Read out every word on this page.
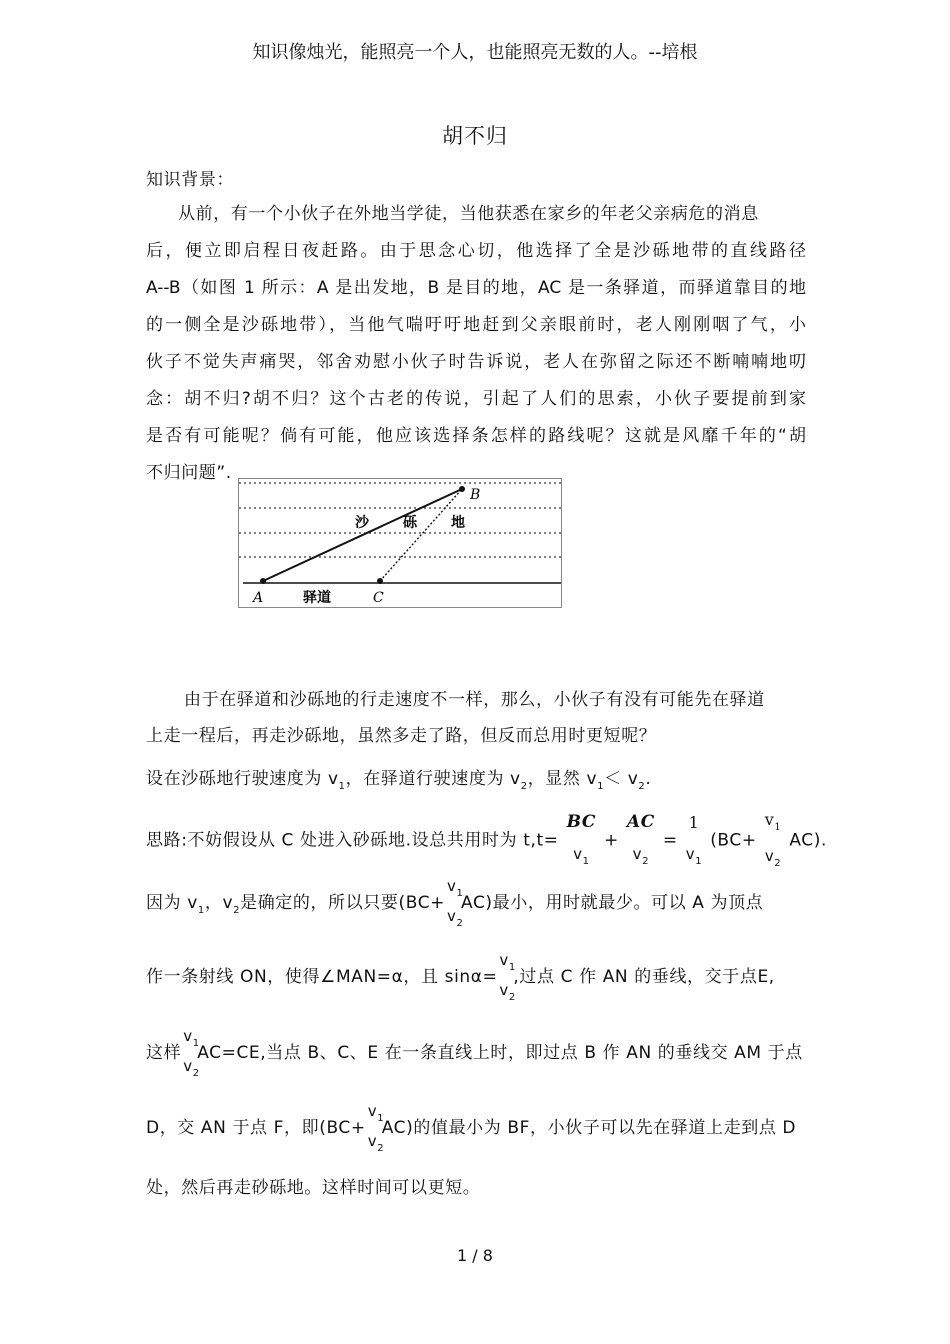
知识像烛光，能照亮一个人，也能照亮无数的人。--培根
胡不归
知识背景：
从前，有一个小伙子在外地当学徒，当他获悉在家乡的年老父亲病危的消息
后，便立即启程日夜赶路。由于思念心切，他选择了全是沙砾地带的直线路径
A--B（如图 1 所示：A 是出发地，B 是目的地，AC 是一条驿道，而驿道靠目的地
的一侧全是沙砾地带），当他气喘吁吁地赶到父亲眼前时，老人刚刚咽了气，小
伙子不觉失声痛哭，邻舍劝慰小伙子时告诉说，老人在弥留之际还不断喃喃地叨
念：胡不归?胡不归？这个古老的传说，引起了人们的思索，小伙子要提前到家
是否有可能呢？倘有可能，他应该选择条怎样的路线呢？这就是风靡千年的“胡
不归问题”.
A
B
C
驿道
沙 砾 地
由于在驿道和沙砾地的行走速度不一样，那么，小伙子有没有可能先在驿道
上走一程后，再走沙砾地，虽然多走了路，但反而总用时更短呢？
设在沙砾地行驶速度为 $v_1$，在驿道行驶速度为 $v_2$，显然 $v_1< v_2$.
思路:不妨假设从 C 处进入砂砾地.设总共用时为 t,t=
BC
$v_1$
+
AC
$v_2$
=
1
$v_1$
(BC+
$v_1$
$v_2$
AC).
因为 $v_1$，$v_2$是确定的，所以只要(BC+
$v_1$
$v_2$
AC)最小，用时就最少。可以 A 为顶点
作一条射线 ON，使得∠MAN=α，且 sinα=
$v_1$
$v_2$
,过点 C 作 AN 的垂线，交于点E,
这样
$v_1$
$v_2$
AC=CE,当点 B、C、E 在一条直线上时，即过点 B 作 AN 的垂线交 AM 于点
D，交 AN 于点 F，即(BC+
$v_1$
$v_2$
AC)的值最小为 BF，小伙子可以先在驿道上走到点 D
处，然后再走砂砾地。这样时间可以更短。
1 / 8
